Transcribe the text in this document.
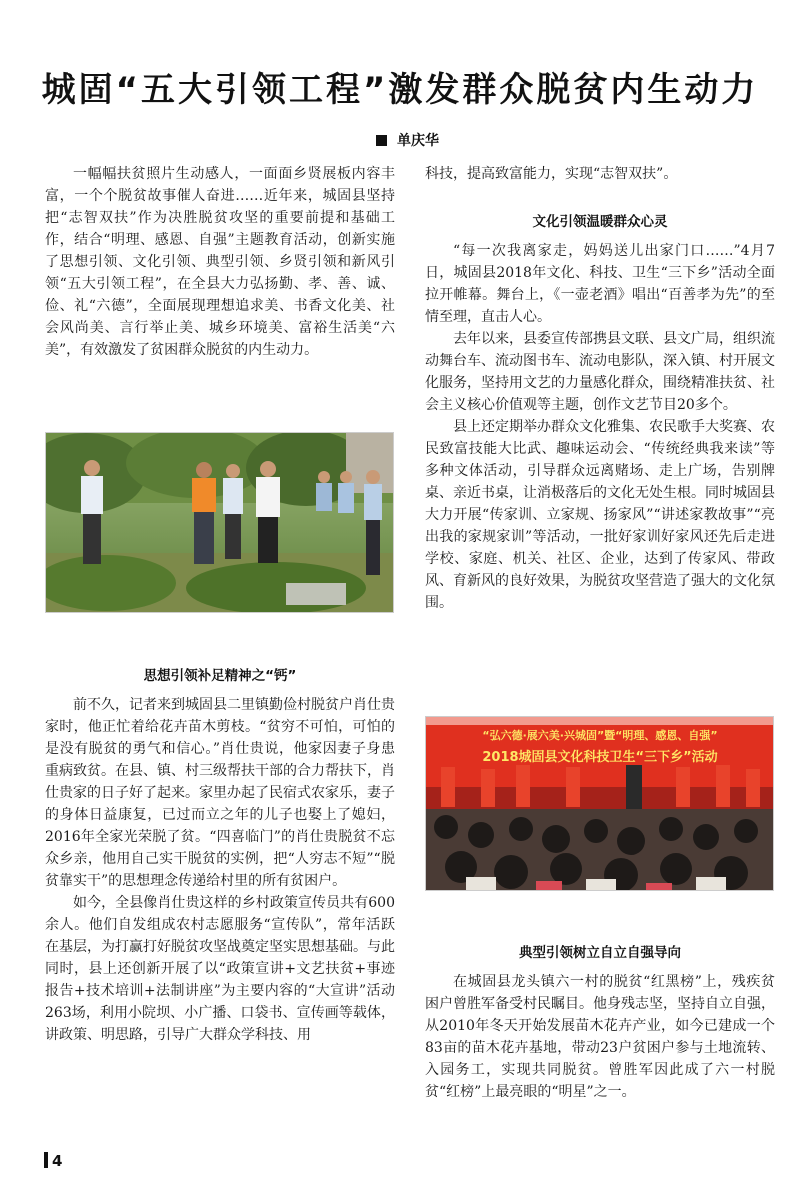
城固“五大引领工程”激发群众脱贫内生动力
单庆华

一幅幅扶贫照片生动感人，一面面乡贤展板内容丰富，一个个脱贫故事催人奋进……近年来，城固县坚持把“志智双扶”作为决胜脱贫攻坚的重要前提和基础工作，结合“明理、感恩、自强”主题教育活动，创新实施了思想引领、文化引领、典型引领、乡贤引领和新风引领“五大引领工程”，在全县大力弘扬勤、孝、善、诚、俭、礼“六德”，全面展现理想追求美、书香文化美、社会风尚美、言行举止美、城乡环境美、富裕生活美“六美”，有效激发了贫困群众脱贫的内生动力。

思想引领补足精神之“钙”

前不久，记者来到城固县二里镇勤俭村脱贫户肖仕贵家时，他正忙着给花卉苗木剪枝。“贫穷不可怕，可怕的是没有脱贫的勇气和信心。”肖仕贵说，他家因妻子身患重病致贫。在县、镇、村三级帮扶干部的合力帮扶下，肖仕贵家的日子好了起来。家里办起了民宿式农家乐，妻子的身体日益康复，已过而立之年的儿子也娶上了媳妇，2016年全家光荣脱了贫。“四喜临门”的肖仕贵脱贫不忘众乡亲，他用自己实干脱贫的实例，把“人穷志不短”“脱贫靠实干”的思想理念传递给村里的所有贫困户。

如今，全县像肖仕贵这样的乡村政策宣传员共有600余人。他们自发组成农村志愿服务“宣传队”，常年活跃在基层，为打赢打好脱贫攻坚战奠定坚实思想基础。与此同时，县上还创新开展了以“政策宣讲+文艺扶贫+事迹报告+技术培训+法制讲座”为主要内容的“大宣讲”活动263场，利用小院坝、小广播、口袋书、宣传画等载体，讲政策、明思路，引导广大群众学科技、用

科技，提高致富能力，实现“志智双扶”。

文化引领温暖群众心灵

“每一次我离家走，妈妈送儿出家门口……”4月7日，城固县2018年文化、科技、卫生“三下乡”活动全面拉开帷幕。舞台上，《一壶老酒》唱出“百善孝为先”的至情至理，直击人心。

去年以来，县委宣传部携县文联、县文广局，组织流动舞台车、流动图书车、流动电影队，深入镇、村开展文化服务，坚持用文艺的力量感化群众，围绕精准扶贫、社会主义核心价值观等主题，创作文艺节目20多个。

县上还定期举办群众文化雅集、农民歌手大奖赛、农民致富技能大比武、趣味运动会、“传统经典我来读”等多种文体活动，引导群众远离赌场、走上广场，告别牌桌、亲近书桌，让消极落后的文化无处生根。同时城固县大力开展“传家训、立家规、扬家风”“讲述家教故事”“亮出我的家规家训”等活动，一批好家训好家风还先后走进学校、家庭、机关、社区、企业，达到了传家风、带政风、育新风的良好效果，为脱贫攻坚营造了强大的文化氛围。

“弘六德·展六美·兴城固”暨“明理、感恩、自强”
2018城固县文化科技卫生“三下乡”活动
典型引领树立自立自强导向

在城固县龙头镇六一村的脱贫“红黑榜”上，残疾贫困户曾胜军备受村民瞩目。他身残志坚，坚持自立自强，从2010年冬天开始发展苗木花卉产业，如今已建成一个83亩的苗木花卉基地，带动23户贫困户参与土地流转、入园务工，实现共同脱贫。曾胜军因此成了六一村脱贫“红榜”上最亮眼的“明星”之一。

4
